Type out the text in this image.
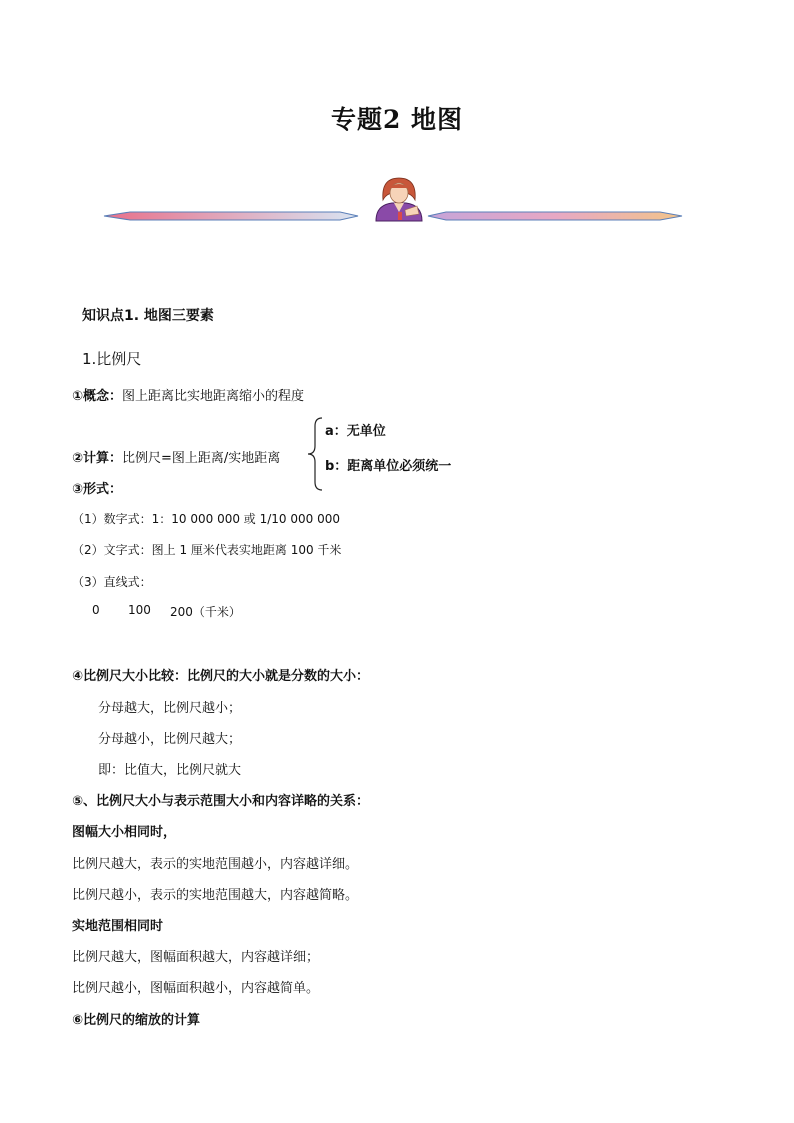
专题2 地图
知识点1. 地图三要素
1.比例尺
①概念：图上距离比实地距离缩小的程度
②计算：比例尺=图上距离/实地距离
a：无单位
b：距离单位必须统一
③形式：
（1）数字式：1：10 000 000 或 1/10 000 000
（2）文字式：图上 1 厘米代表实地距离 100 千米
（3）直线式：
0 100 200（千米）
④比例尺大小比较：比例尺的大小就是分数的大小：
分母越大，比例尺越小；
分母越小，比例尺越大；
即：比值大，比例尺就大
⑤、比例尺大小与表示范围大小和内容详略的关系：
图幅大小相同时，
比例尺越大，表示的实地范围越小，内容越详细。
比例尺越小，表示的实地范围越大，内容越简略。
实地范围相同时
比例尺越大，图幅面积越大，内容越详细；
比例尺越小，图幅面积越小，内容越简单。
⑥比例尺的缩放的计算
